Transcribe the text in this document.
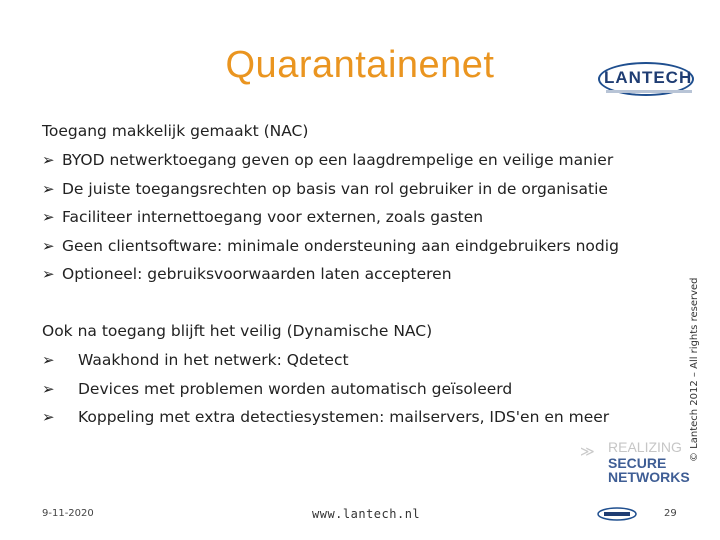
Quarantainenet	LANTECH
Toegang makkelijk gemaakt (NAC)
➢ BYOD netwerktoegang geven op een laagdrempelige en veilige manier
➢ De juiste toegangsrechten op basis van rol gebruiker in de organisatie
➢ Faciliteer internettoegang voor externen, zoals gasten
➢ Geen clientsoftware: minimale ondersteuning aan eindgebruikers nodig
➢ Optioneel: gebruiksvoorwaarden laten accepteren
Ook na toegang blijft het veilig (Dynamische NAC)
➢ Waakhond in het netwerk: Qdetect
➢ Devices met problemen worden automatisch geïsoleerd
➢ Koppeling met extra detectiesystemen: mailservers, IDS'en en meer	© Lantech 2012 – All rights reserved
≫ REALIZING
SECURE
NETWORKS
9-11-2020	www.lantech.nl	29
